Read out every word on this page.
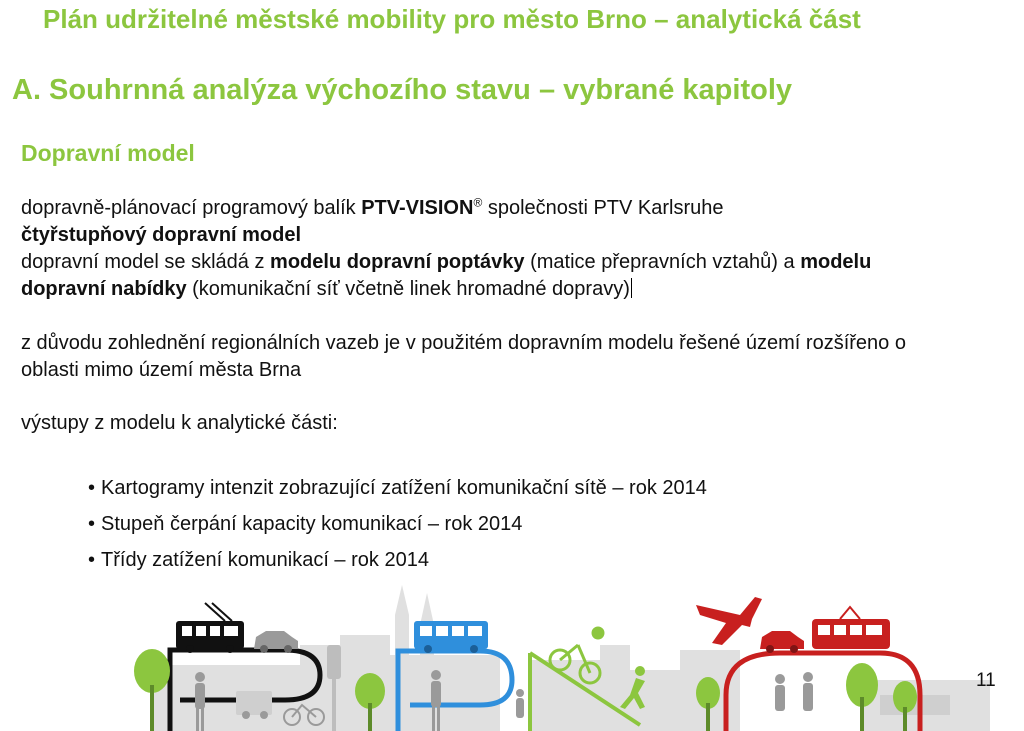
Plán udržitelné městské mobility pro město Brno – analytická část
A. Souhrnná analýza výchozího stavu – vybrané kapitoly
Dopravní model
dopravně-plánovací programový balík PTV-VISION® společnosti PTV Karlsruhe
čtyřstupňový dopravní model
dopravní model se skládá z modelu dopravní poptávky (matice přepravních vztahů) a modelu
dopravní nabídky (komunikační síť včetně linek hromadné dopravy)
z důvodu zohlednění regionálních vazeb je v použitém dopravním modelu řešené území rozšířeno o
oblasti mimo území města Brna
výstupy z modelu k analytické části:
• Kartogramy intenzit zobrazující zatížení komunikační sítě – rok 2014
• Stupeň čerpání kapacity komunikací – rok 2014
• Třídy zatížení komunikací – rok 2014
11
